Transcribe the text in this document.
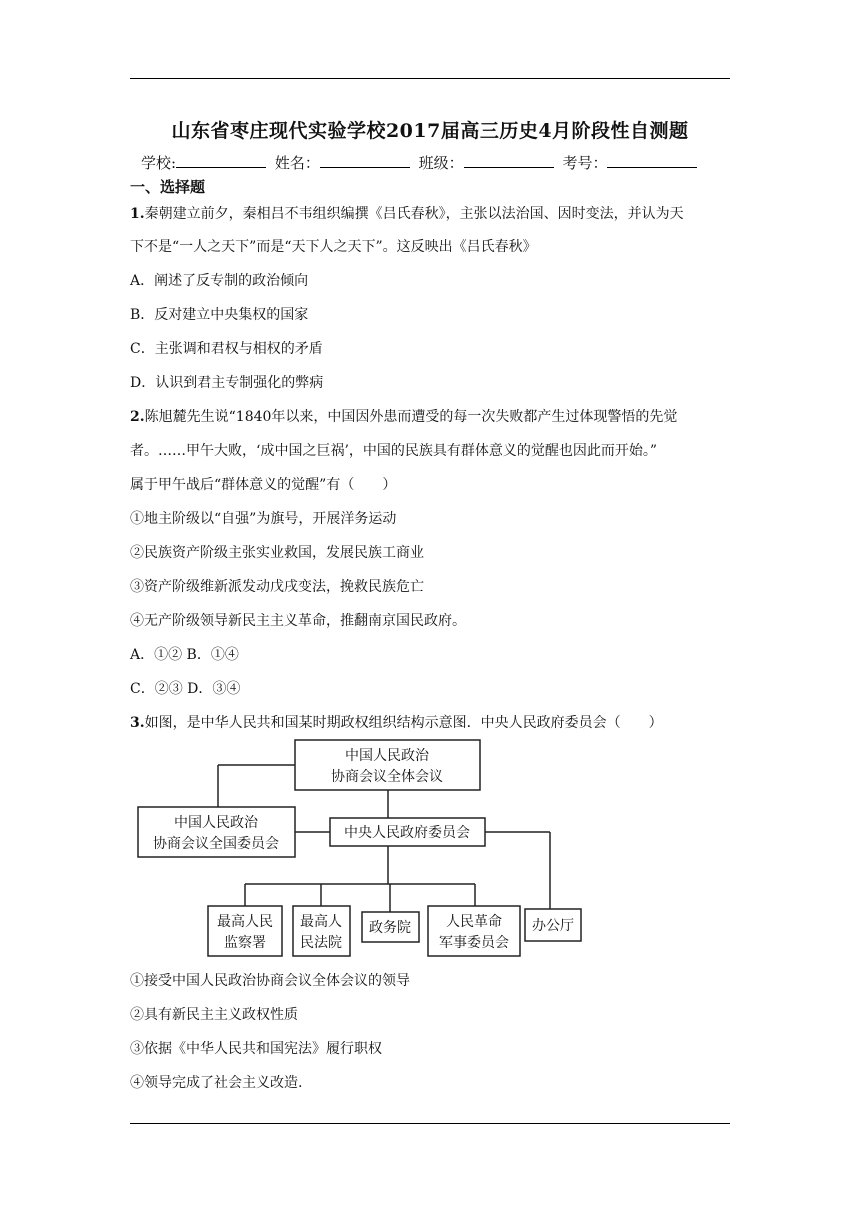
山东省枣庄现代实验学校2017届高三历史4月阶段性自测题
学校:	姓名：	班级：	考号：
一、选择题
1.秦朝建立前夕，秦相吕不韦组织编撰《吕氏春秋》，主张以法治国、因时变法，并认为天
下不是“一人之天下”而是“天下人之天下”。这反映出《吕氏春秋》
A．阐述了反专制的政治倾向
B．反对建立中央集权的国家
C．主张调和君权与相权的矛盾
D．认识到君主专制强化的弊病
2.陈旭麓先生说“1840年以来，中国因外患而遭受的每一次失败都产生过体现警悟的先觉
者。……甲午大败，‘成中国之巨祸’，中国的民族具有群体意义的觉醒也因此而开始。”
属于甲午战后“群体意义的觉醒”有（　　）
①地主阶级以“自强”为旗号，开展洋务运动
②民族资产阶级主张实业救国，发展民族工商业
③资产阶级维新派发动戊戌变法，挽救民族危亡
④无产阶级领导新民主主义革命，推翻南京国民政府。
A．①② B．①④
C．②③ D．③④
3.如图，是中华人民共和国某时期政权组织结构示意图．中央人民政府委员会（　　）
中国人民政治
协商会议全体会议
中国人民政治
协商会议全国委员会
中央人民政府委员会
最高人民
监察署
最高人
民法院
政务院	人民革命
军事委员会
办公厅
①接受中国人民政治协商会议全体会议的领导
②具有新民主主义政权性质
③依据《中华人民共和国宪法》履行职权
④领导完成了社会主义改造.
